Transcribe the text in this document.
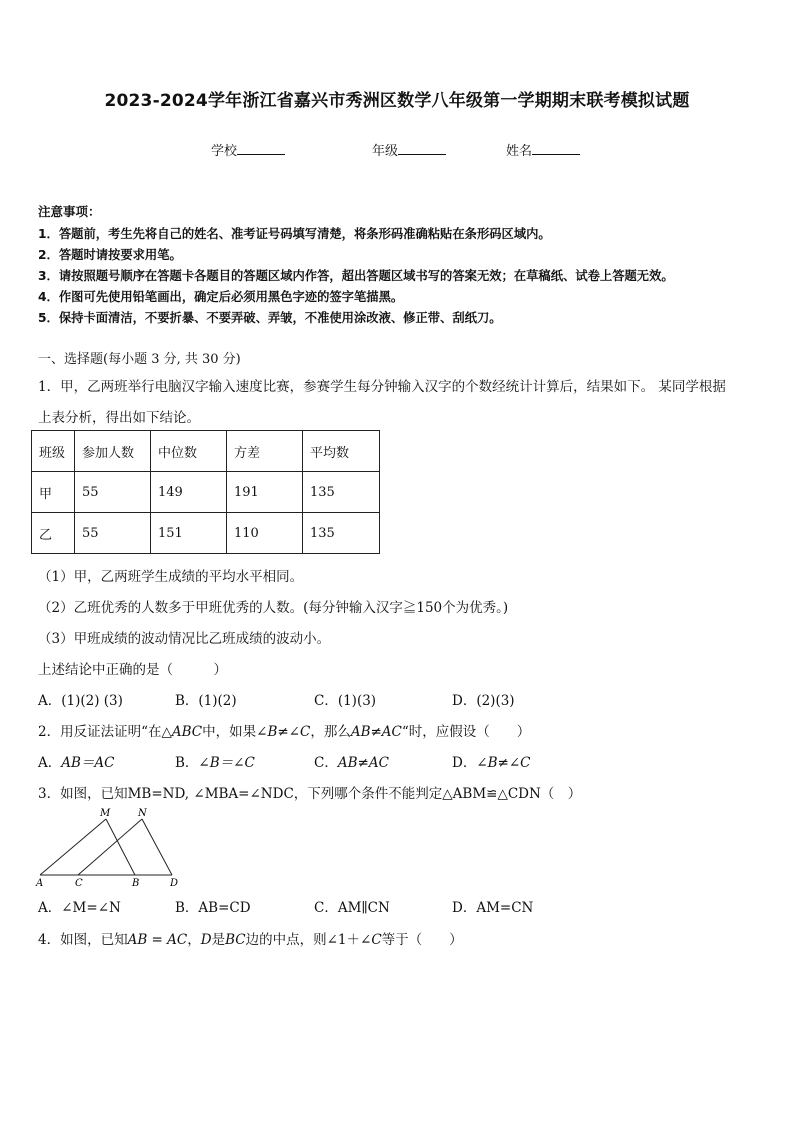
2023-2024学年浙江省嘉兴市秀洲区数学八年级第一学期期末联考模拟试题
学校	年级	姓名
注意事项：
1．答题前，考生先将自己的姓名、准考证号码填写清楚，将条形码准确粘贴在条形码区域内。
2．答题时请按要求用笔。
3．请按照题号顺序在答题卡各题目的答题区域内作答，超出答题区域书写的答案无效；在草稿纸、试卷上答题无效。
4．作图可先使用铅笔画出，确定后必须用黑色字迹的签字笔描黑。
5．保持卡面清洁，不要折暴、不要弄破、弄皱，不准使用涂改液、修正带、刮纸刀。
一、选择题(每小题 3 分, 共 30 分)
1．甲，乙两班举行电脑汉字输入速度比赛，参赛学生每分钟输入汉字的个数经统计计算后，结果如下。 某同学根据
上表分析，得出如下结论。
班级	参加人数	中位数	方差	平均数
甲	55	149	191	135
乙	55	151	110	135
（1）甲，乙两班学生成绩的平均水平相同。
（2）乙班优秀的人数多于甲班优秀的人数。(每分钟输入汉字≧150个为优秀。)
（3）甲班成绩的波动情况比乙班成绩的波动小。
上述结论中正确的是（　　　）
A．(1)(2) (3)	B．(1)(2)	C．(1)(3)	D．(2)(3)
2．用反证法证明“在△ABC中，如果∠B≠∠C，那么AB≠AC“时，应假设（　　）
A．AB＝AC	B．∠B＝∠C	C．AB≠AC	D．∠B≠∠C
3．如图，已知MB=ND, ∠MBA=∠NDC，下列哪个条件不能判定△ABM≌△CDN（　）
M	N
A	C	B	D
A．∠M=∠N	B．AB=CD	C．AM∥CN	D．AM=CN
4．如图，已知AB = AC，D是BC边的中点，则∠1＋∠C等于（　　）
